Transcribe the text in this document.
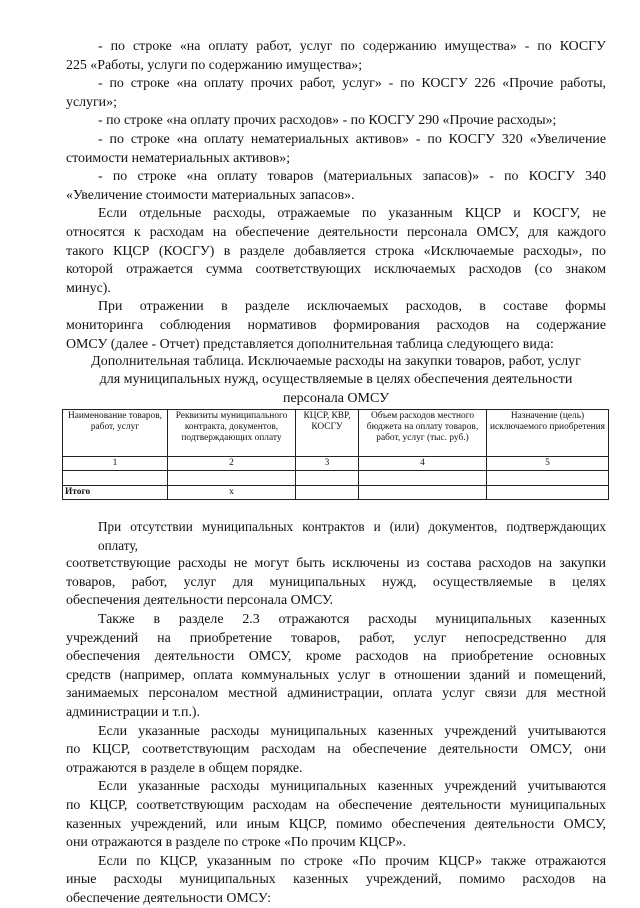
- по строке «на оплату работ, услуг по содержанию имущества» - по КОСГУ
225 «Работы, услуги по содержанию имущества»;
- по строке «на оплату прочих работ, услуг» - по КОСГУ 226 «Прочие работы,
услуги»;
- по строке «на оплату прочих расходов» - по КОСГУ 290 «Прочие расходы»;
- по строке «на оплату нематериальных активов» - по КОСГУ 320 «Увеличение
стоимости нематериальных активов»;
- по строке «на оплату товаров (материальных запасов)» - по КОСГУ 340
«Увеличение стоимости материальных запасов».
Если отдельные расходы, отражаемые по указанным КЦСР и КОСГУ, не
относятся к расходам на обеспечение деятельности персонала ОМСУ, для каждого
такого КЦСР (КОСГУ) в разделе добавляется строка «Исключаемые расходы», по
которой отражается сумма соответствующих исключаемых расходов (со знаком
минус).
При отражении в разделе исключаемых расходов, в составе формы
мониторинга соблюдения нормативов формирования расходов на содержание
ОМСУ (далее - Отчет) представляется дополнительная таблица следующего вида:
Дополнительная таблица. Исключаемые расходы на закупки товаров, работ, услуг
для муниципальных нужд, осуществляемые в целях обеспечения деятельности
персонала ОМСУ
Наименование товаров, работ, услуг	Реквизиты муниципального контракта, документов, подтверждающих оплату	КЦСР, КВР, КОСГУ	Объем расходов местного бюджета на оплату товаров, работ, услуг (тыс. руб.)	Назначение (цель) исключаемого приобретения
1	2	3	4	5

Итого	х			
При отсутствии муниципальных контрактов и (или) документов, подтверждающих оплату,
соответствующие расходы не могут быть исключены из состава расходов на закупки
товаров, работ, услуг для муниципальных нужд, осуществляемые в целях
обеспечения деятельности персонала ОМСУ.
Также в разделе 2.3 отражаются расходы муниципальных казенных
учреждений на приобретение товаров, работ, услуг непосредственно для
обеспечения деятельности ОМСУ, кроме расходов на приобретение основных
средств (например, оплата коммунальных услуг в отношении зданий и помещений,
занимаемых персоналом местной администрации, оплата услуг связи для местной
администрации и т.п.).
Если указанные расходы муниципальных казенных учреждений учитываются
по КЦСР, соответствующим расходам на обеспечение деятельности ОМСУ, они
отражаются в разделе в общем порядке.
Если указанные расходы муниципальных казенных учреждений учитываются
по КЦСР, соответствующим расходам на обеспечение деятельности муниципальных
казенных учреждений, или иным КЦСР, помимо обеспечения деятельности ОМСУ,
они отражаются в разделе по строке «По прочим КЦСР».
Если по КЦСР, указанным по строке «По прочим КЦСР» также отражаются
иные расходы муниципальных казенных учреждений, помимо расходов на
обеспечение деятельности ОМСУ:
